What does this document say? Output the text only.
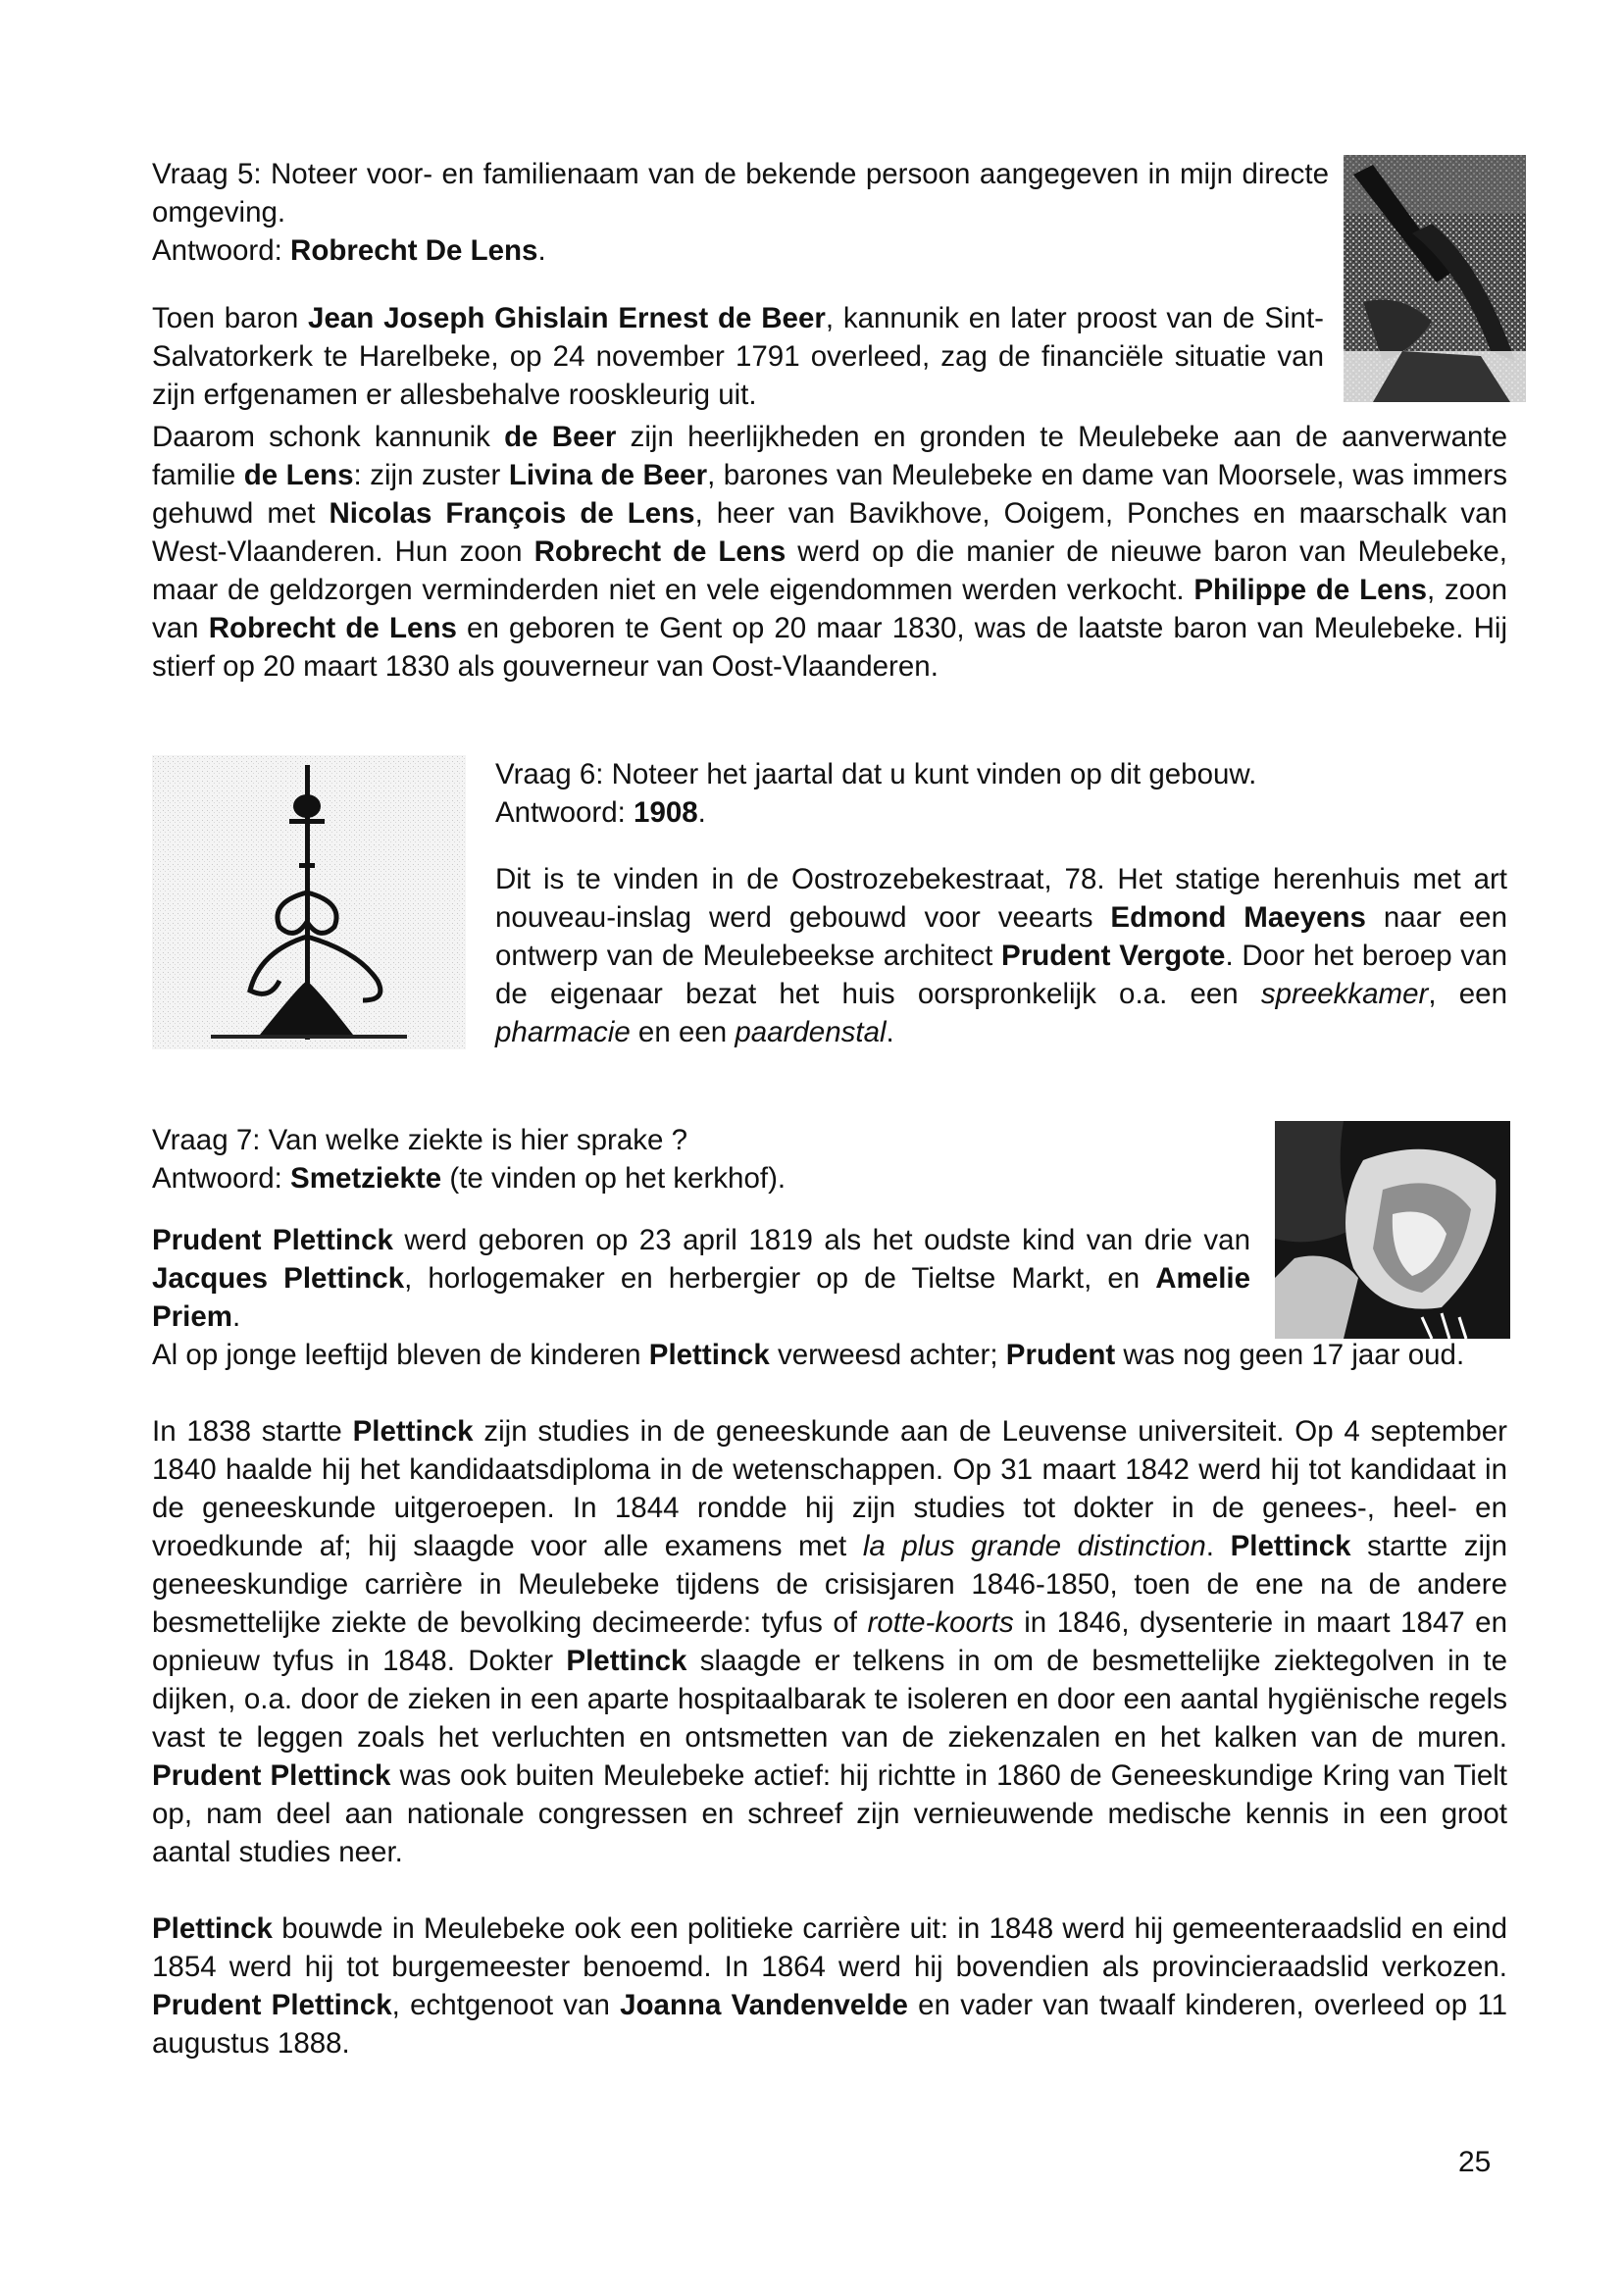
Vraag 5: Noteer voor- en familienaam van de bekende persoon aangegeven in mijn directe omgeving.
Antwoord: Robrecht De Lens.
Toen baron Jean Joseph Ghislain Ernest de Beer, kannunik en later proost van de Sint-Salvatorkerk te Harelbeke, op 24 november 1791 overleed, zag de financiële situatie van zijn erfgenamen er allesbehalve rooskleurig uit.
Daarom schonk kannunik de Beer zijn heerlijkheden en gronden te Meulebeke aan de aanverwante familie de Lens: zijn zuster Livina de Beer, barones van Meulebeke en dame van Moorsele, was immers gehuwd met Nicolas François de Lens, heer van Bavikhove, Ooigem, Ponches en maarschalk van West-Vlaanderen. Hun zoon Robrecht de Lens werd op die manier de nieuwe baron van Meulebeke, maar de geldzorgen verminderden niet en vele eigendommen werden verkocht. Philippe de Lens, zoon van Robrecht de Lens en geboren te Gent op 20 maar 1830, was de laatste baron van Meulebeke. Hij stierf op 20 maart 1830 als gouverneur van Oost-Vlaanderen.
Vraag 6: Noteer het jaartal dat u kunt vinden op dit gebouw.
Antwoord: 1908.
Dit is te vinden in de Oostrozebekestraat, 78. Het statige herenhuis met art nouveau-inslag werd gebouwd voor veearts Edmond Maeyens naar een ontwerp van de Meulebeekse architect Prudent Vergote. Door het beroep van de eigenaar bezat het huis oorspronkelijk o.a. een spreekkamer, een pharmacie en een paardenstal.
Vraag 7: Van welke ziekte is hier sprake ?
Antwoord: Smetziekte (te vinden op het kerkhof).
Prudent Plettinck werd geboren op 23 april 1819 als het oudste kind van drie van Jacques Plettinck, horlogemaker en herbergier op de Tieltse Markt, en Amelie Priem.
Al op jonge leeftijd bleven de kinderen Plettinck verweesd achter; Prudent was nog geen 17 jaar oud.
In 1838 startte Plettinck zijn studies in de geneeskunde aan de Leuvense universiteit. Op 4 september 1840 haalde hij het kandidaatsdiploma in de wetenschappen. Op 31 maart 1842 werd hij tot kandidaat in de geneeskunde uitgeroepen. In 1844 rondde hij zijn studies tot dokter in de genees-, heel- en vroedkunde af; hij slaagde voor alle examens met la plus grande distinction. Plettinck startte zijn geneeskundige carrière in Meulebeke tijdens de crisisjaren 1846-1850, toen de ene na de andere besmettelijke ziekte de bevolking decimeerde: tyfus of rotte-koorts in 1846, dysenterie in maart 1847 en opnieuw tyfus in 1848. Dokter Plettinck slaagde er telkens in om de besmettelijke ziektegolven in te dijken, o.a. door de zieken in een aparte hospitaalbarak te isoleren en door een aantal hygiënische regels vast te leggen zoals het verluchten en ontsmetten van de ziekenzalen en het kalken van de muren. Prudent Plettinck was ook buiten Meulebeke actief: hij richtte in 1860 de Geneeskundige Kring van Tielt op, nam deel aan nationale congressen en schreef zijn vernieuwende medische kennis in een groot aantal studies neer.
Plettinck bouwde in Meulebeke ook een politieke carrière uit: in 1848 werd hij gemeenteraadslid en eind 1854 werd hij tot burgemeester benoemd. In 1864 werd hij bovendien als provincieraadslid verkozen. Prudent Plettinck, echtgenoot van Joanna Vandenvelde en vader van twaalf kinderen, overleed op 11 augustus 1888.
25
